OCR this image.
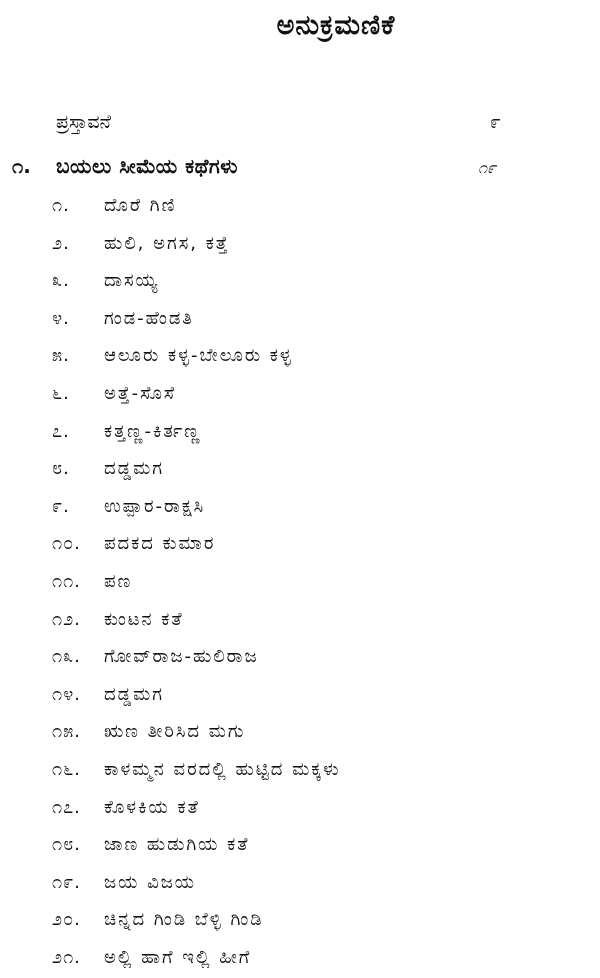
ಅನುಕ್ರಮಣಿಕೆ
ಪ್ರಸ್ತಾವನೆ	೯
೧. ಬಯಲು ಸೀಮೆಯ ಕಥೆಗಳು	೧೯
೧.	ದೊರೆ ಗಿಣಿ
೨.	ಹುಲಿ, ಅಗಸ, ಕತ್ತೆ
೩.	ದಾಸಯ್ಯ
೪.	ಗಂಡ-ಹೆಂಡತಿ
೫.	ಆಲೂರು ಕಳ್ಳ-ಬೇಲೂರು ಕಳ್ಳ
೬.	ಅತ್ತೆ-ಸೊಸೆ
೭.	ಕತ್ತಣ್ಣ-ಕಿರ್ತಣ್ಣ
೮.	ದಡ್ಡಮಗ
೯.	ಉಪ್ಪಾರ-ರಾಕ್ಷಸಿ
೧೦.	ಪದಕದ ಕುಮಾರ
೧೧.	ಪಣ
೧೨.	ಕುಂಟನ ಕತೆ
೧೩.	ಗೋವ್‌ರಾಜ-ಹುಲಿರಾಜ
೧೪.	ದಡ್ಡಮಗ
೧೫.	ಋಣ ತೀರಿಸಿದ ಮಗು
೧೬.	ಕಾಳಮ್ಮನ ವರದಲ್ಲಿ ಹುಟ್ಟಿದ ಮಕ್ಕಳು
೧೭.	ಕೊಳಕಿಯ ಕತೆ
೧೮.	ಜಾಣ ಹುಡುಗಿಯ ಕತೆ
೧೯.	ಜಯ ವಿಜಯ
೨೦.	ಚಿನ್ನದ ಗಿಂಡಿ ಬೆಳ್ಳಿ ಗಿಂಡಿ
೨೧.	ಅಲ್ಲಿ ಹಾಗೆ ಇಲ್ಲಿ ಹೀಗೆ
